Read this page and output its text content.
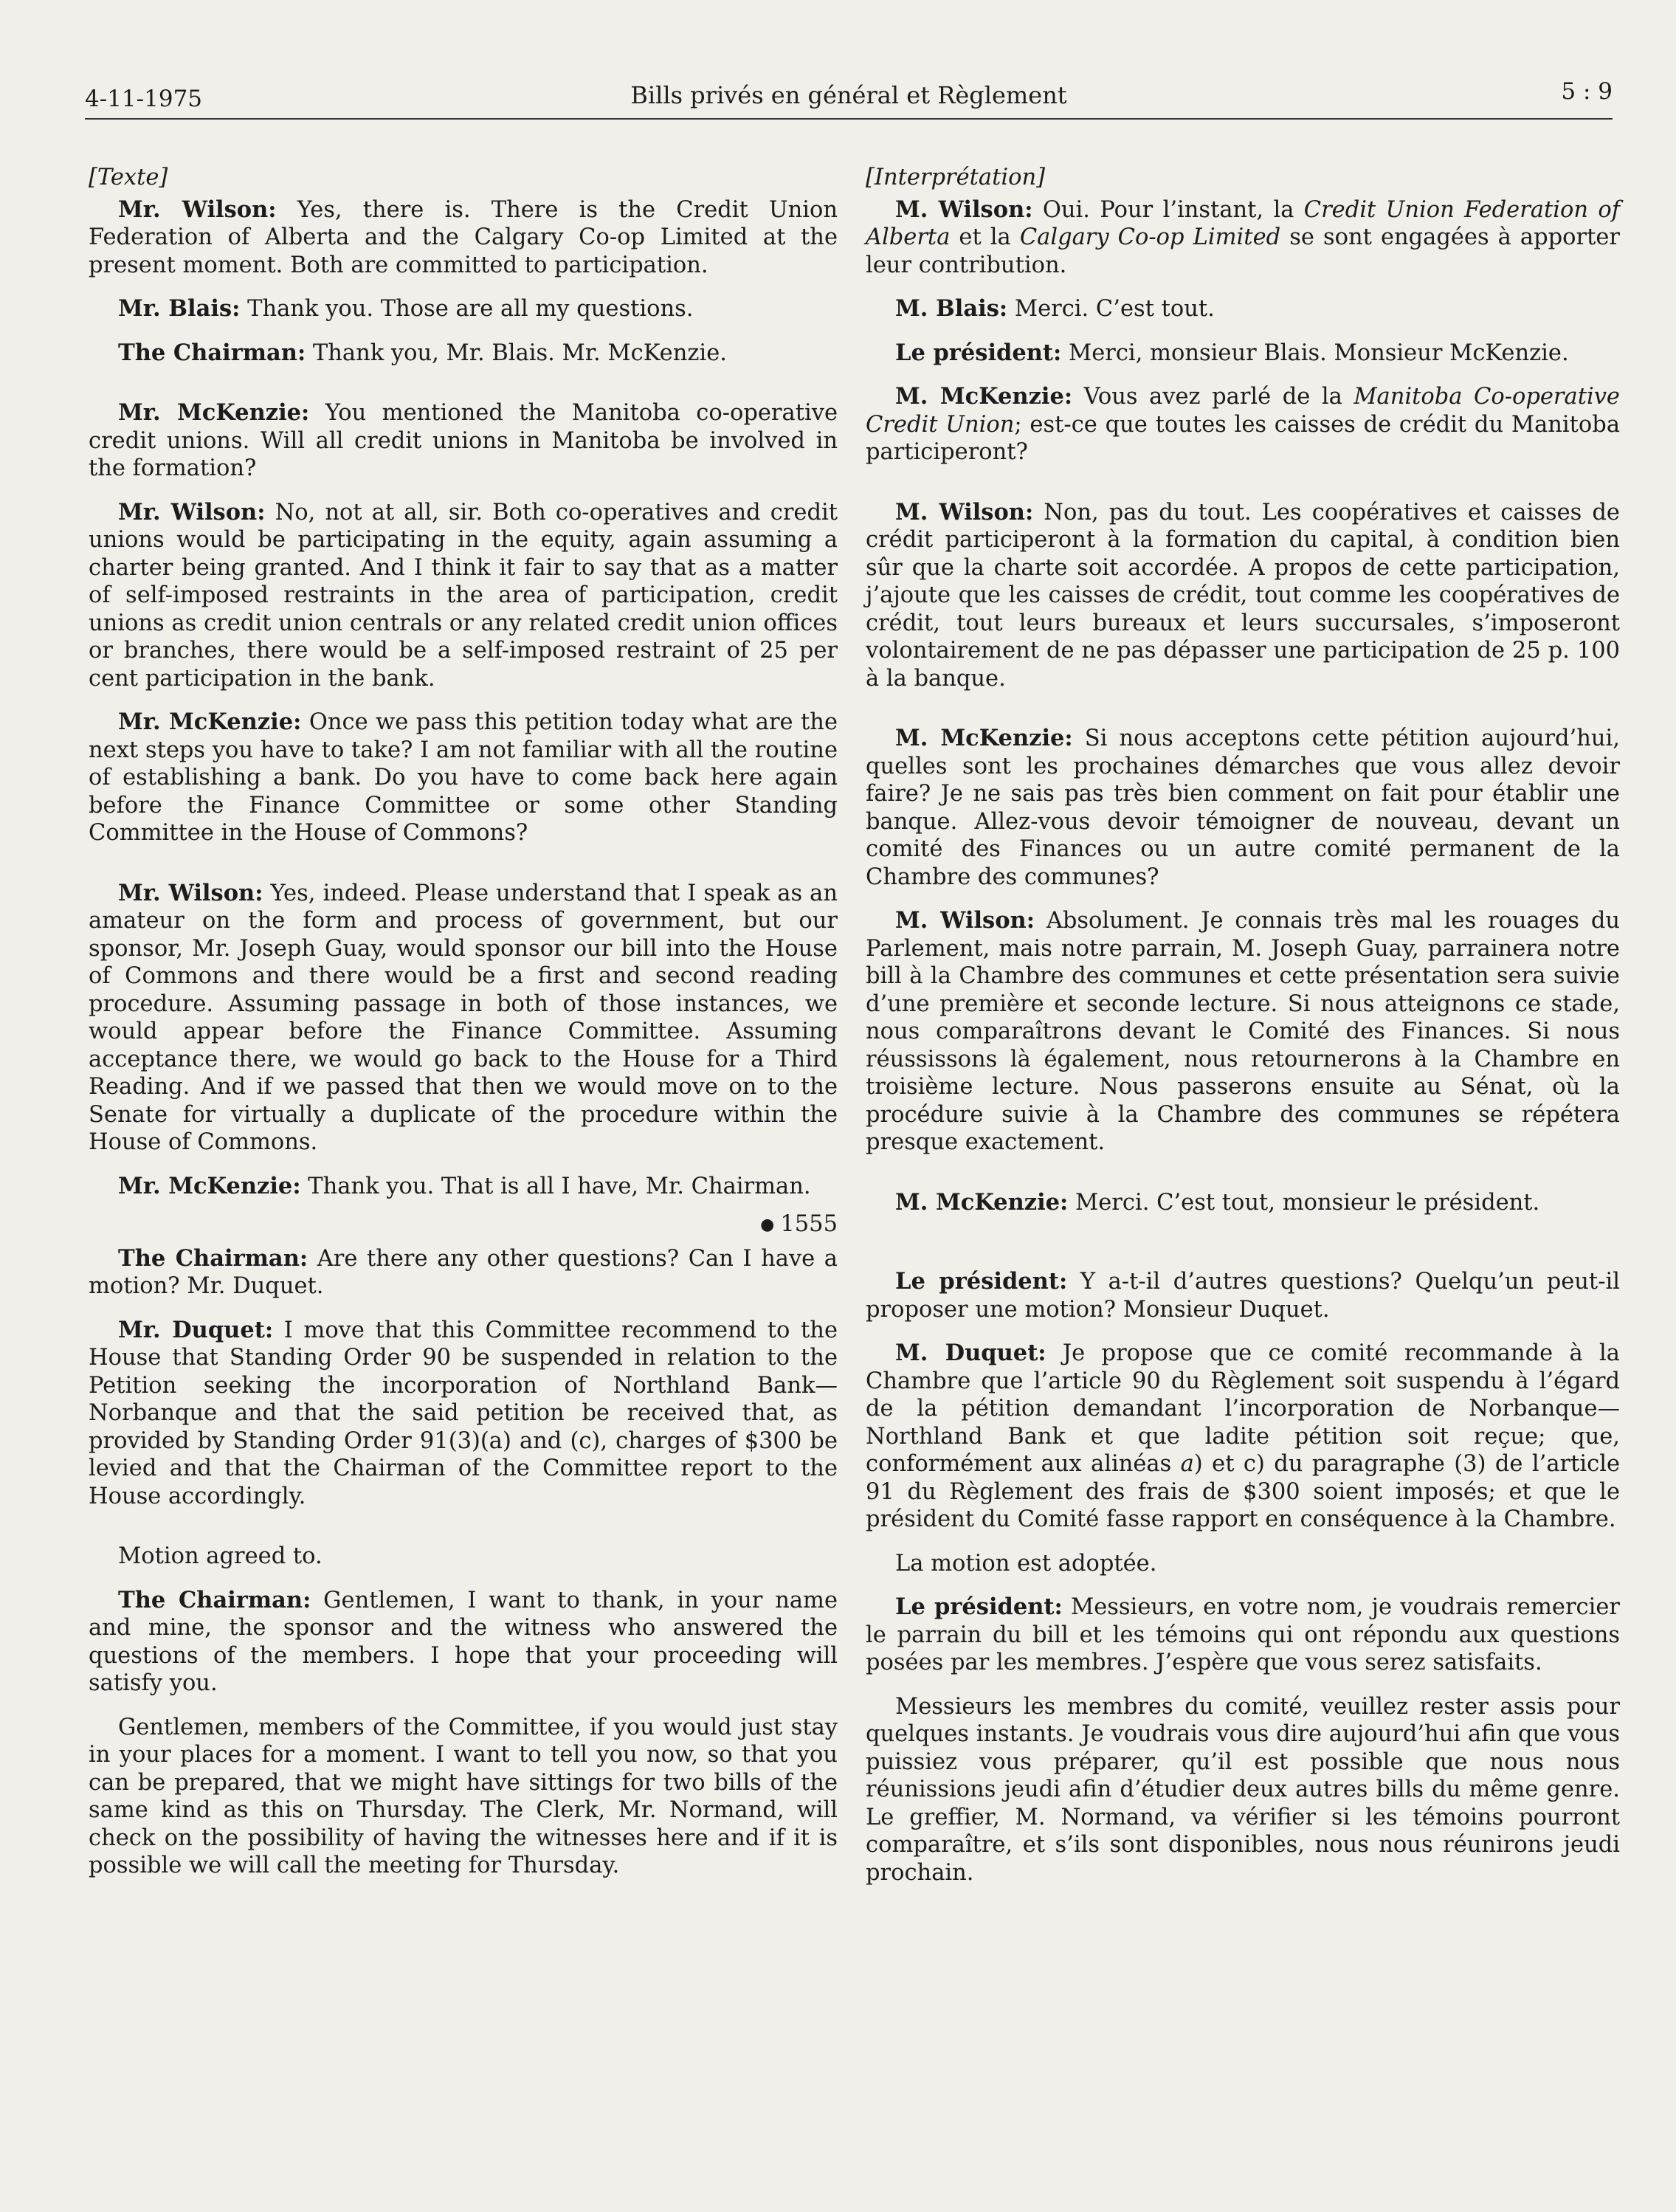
4-11-1975	Bills privés en général et Règlement	5 : 9

[Texte]

Mr. Wilson: Yes, there is. There is the Credit Union Federation of Alberta and the Calgary Co-op Limited at the present moment. Both are committed to participation.

Mr. Blais: Thank you. Those are all my questions.

The Chairman: Thank you, Mr. Blais. Mr. McKenzie.

Mr. McKenzie: You mentioned the Manitoba co-operative credit unions. Will all credit unions in Manitoba be involved in the formation?

Mr. Wilson: No, not at all, sir. Both co-operatives and credit unions would be participating in the equity, again assuming a charter being granted. And I think it fair to say that as a matter of self-imposed restraints in the area of participation, credit unions as credit union centrals or any related credit union offices or branches, there would be a self-imposed restraint of 25 per cent participation in the bank.

Mr. McKenzie: Once we pass this petition today what are the next steps you have to take? I am not familiar with all the routine of establishing a bank. Do you have to come back here again before the Finance Committee or some other Standing Committee in the House of Commons?

Mr. Wilson: Yes, indeed. Please understand that I speak as an amateur on the form and process of government, but our sponsor, Mr. Joseph Guay, would sponsor our bill into the House of Commons and there would be a first and second reading procedure. Assuming passage in both of those instances, we would appear before the Finance Committee. Assuming acceptance there, we would go back to the House for a Third Reading. And if we passed that then we would move on to the Senate for virtually a duplicate of the procedure within the House of Commons.

Mr. McKenzie: Thank you. That is all I have, Mr. Chairman.

● 1555

The Chairman: Are there any other questions? Can I have a motion? Mr. Duquet.

Mr. Duquet: I move that this Committee recommend to the House that Standing Order 90 be suspended in relation to the Petition seeking the incorporation of Northland Bank—Norbanque and that the said petition be received that, as provided by Standing Order 91(3)(a) and (c), charges of $300 be levied and that the Chairman of the Committee report to the House accordingly.

Motion agreed to.

The Chairman: Gentlemen, I want to thank, in your name and mine, the sponsor and the witness who answered the questions of the members. I hope that your proceeding will satisfy you.

Gentlemen, members of the Committee, if you would just stay in your places for a moment. I want to tell you now, so that you can be prepared, that we might have sittings for two bills of the same kind as this on Thursday. The Clerk, Mr. Normand, will check on the possibility of having the witnesses here and if it is possible we will call the meeting for Thursday.

[Interprétation]

M. Wilson: Oui. Pour l’instant, la Credit Union Federation of Alberta et la Calgary Co-op Limited se sont engagées à apporter leur contribution.

M. Blais: Merci. C’est tout.

Le président: Merci, monsieur Blais. Monsieur McKenzie.

M. McKenzie: Vous avez parlé de la Manitoba Co-operative Credit Union; est-ce que toutes les caisses de crédit du Manitoba participeront?

M. Wilson: Non, pas du tout. Les coopératives et caisses de crédit participeront à la formation du capital, à condition bien sûr que la charte soit accordée. A propos de cette participation, j’ajoute que les caisses de crédit, tout comme les coopératives de crédit, tout leurs bureaux et leurs succursales, s’imposeront volontairement de ne pas dépasser une participation de 25 p. 100 à la banque.

M. McKenzie: Si nous acceptons cette pétition aujourd’hui, quelles sont les prochaines démarches que vous allez devoir faire? Je ne sais pas très bien comment on fait pour établir une banque. Allez-vous devoir témoigner de nouveau, devant un comité des Finances ou un autre comité permanent de la Chambre des communes?

M. Wilson: Absolument. Je connais très mal les rouages du Parlement, mais notre parrain, M. Joseph Guay, parrainera notre bill à la Chambre des communes et cette présentation sera suivie d’une première et seconde lecture. Si nous atteignons ce stade, nous comparaîtrons devant le Comité des Finances. Si nous réussissons là également, nous retournerons à la Chambre en troisième lecture. Nous passerons ensuite au Sénat, où la procédure suivie à la Chambre des communes se répétera presque exactement.

M. McKenzie: Merci. C’est tout, monsieur le président.

Le président: Y a-t-il d’autres questions? Quelqu’un peut-il proposer une motion? Monsieur Duquet.

M. Duquet: Je propose que ce comité recommande à la Chambre que l’article 90 du Règlement soit suspendu à l’égard de la pétition demandant l’incorporation de Norbanque—Northland Bank et que ladite pétition soit reçue; que, conformément aux alinéas a) et c) du paragraphe (3) de l’article 91 du Règlement des frais de $300 soient imposés; et que le président du Comité fasse rapport en conséquence à la Chambre.

La motion est adoptée.

Le président: Messieurs, en votre nom, je voudrais remercier le parrain du bill et les témoins qui ont répondu aux questions posées par les membres. J’espère que vous serez satisfaits.

Messieurs les membres du comité, veuillez rester assis pour quelques instants. Je voudrais vous dire aujourd’hui afin que vous puissiez vous préparer, qu’il est possible que nous nous réunissions jeudi afin d’étudier deux autres bills du même genre. Le greffier, M. Normand, va vérifier si les témoins pourront comparaître, et s’ils sont disponibles, nous nous réunirons jeudi prochain.
